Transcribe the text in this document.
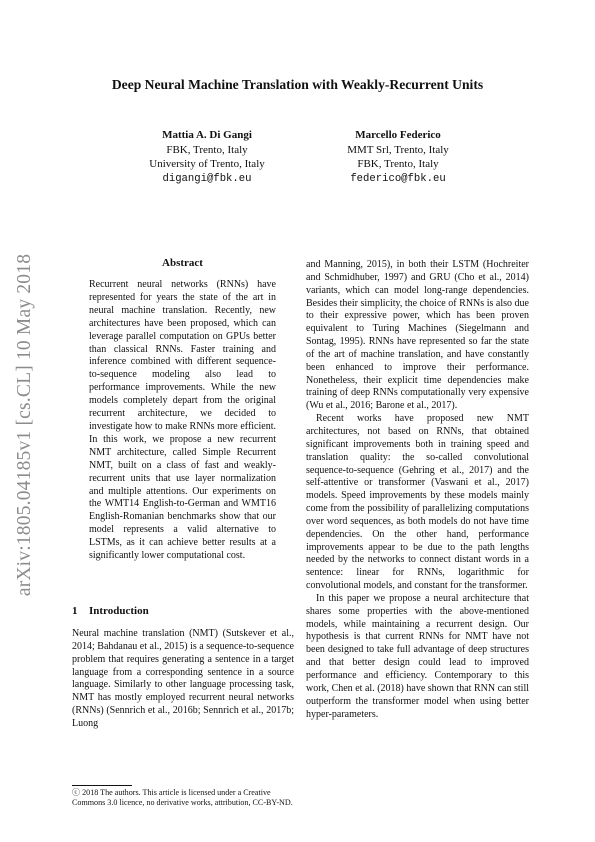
arXiv:1805.04185v1 [cs.CL] 10 May 2018
Deep Neural Machine Translation with Weakly-Recurrent Units
Mattia A. Di Gangi
FBK, Trento, Italy
University of Trento, Italy
digangi@fbk.eu
Marcello Federico
MMT Srl, Trento, Italy
FBK, Trento, Italy
federico@fbk.eu
Abstract
Recurrent neural networks (RNNs) have represented for years the state of the art in neural machine translation. Recently, new architectures have been proposed, which can leverage parallel computation on GPUs better than classical RNNs. Faster training and inference combined with different sequence-to-sequence modeling also lead to performance improvements. While the new models completely depart from the original recurrent architecture, we decided to investigate how to make RNNs more efficient. In this work, we propose a new recurrent NMT architecture, called Simple Recurrent NMT, built on a class of fast and weakly-recurrent units that use layer normalization and multiple attentions. Our experiments on the WMT14 English-to-German and WMT16 English-Romanian benchmarks show that our model represents a valid alternative to LSTMs, as it can achieve better results at a significantly lower computational cost.
1 Introduction
Neural machine translation (NMT) (Sutskever et al., 2014; Bahdanau et al., 2015) is a sequence-to-sequence problem that requires generating a sentence in a target language from a corresponding sentence in a source language. Similarly to other language processing task, NMT has mostly employed recurrent neural networks (RNNs) (Sennrich et al., 2016b; Sennrich et al., 2017b; Luong

and Manning, 2015), in both their LSTM (Hochreiter and Schmidhuber, 1997) and GRU (Cho et al., 2014) variants, which can model long-range dependencies. Besides their simplicity, the choice of RNNs is also due to their expressive power, which has been proven equivalent to Turing Machines (Siegelmann and Sontag, 1995). RNNs have represented so far the state of the art of machine translation, and have constantly been enhanced to improve their performance. Nonetheless, their explicit time dependencies make training of deep RNNs computationally very expensive (Wu et al., 2016; Barone et al., 2017).

Recent works have proposed new NMT architectures, not based on RNNs, that obtained significant improvements both in training speed and translation quality: the so-called convolutional sequence-to-sequence (Gehring et al., 2017) and the self-attentive or transformer (Vaswani et al., 2017) models. Speed improvements by these models mainly come from the possibility of parallelizing computations over word sequences, as both models do not have time dependencies. On the other hand, performance improvements appear to be due to the path lengths needed by the networks to connect distant words in a sentence: linear for RNNs, logarithmic for convolutional models, and constant for the transformer.

In this paper we propose a neural architecture that shares some properties with the above-mentioned models, while maintaining a recurrent design. Our hypothesis is that current RNNs for NMT have not been designed to take full advantage of deep structures and that better design could lead to improved performance and efficiency. Contemporary to this work, Chen et al. (2018) have shown that RNN can still outperform the transformer model when using better hyper-parameters.

ⓒ 2018 The authors. This article is licensed under a Creative Commons 3.0 licence, no derivative works, attribution, CC-BY-ND.
